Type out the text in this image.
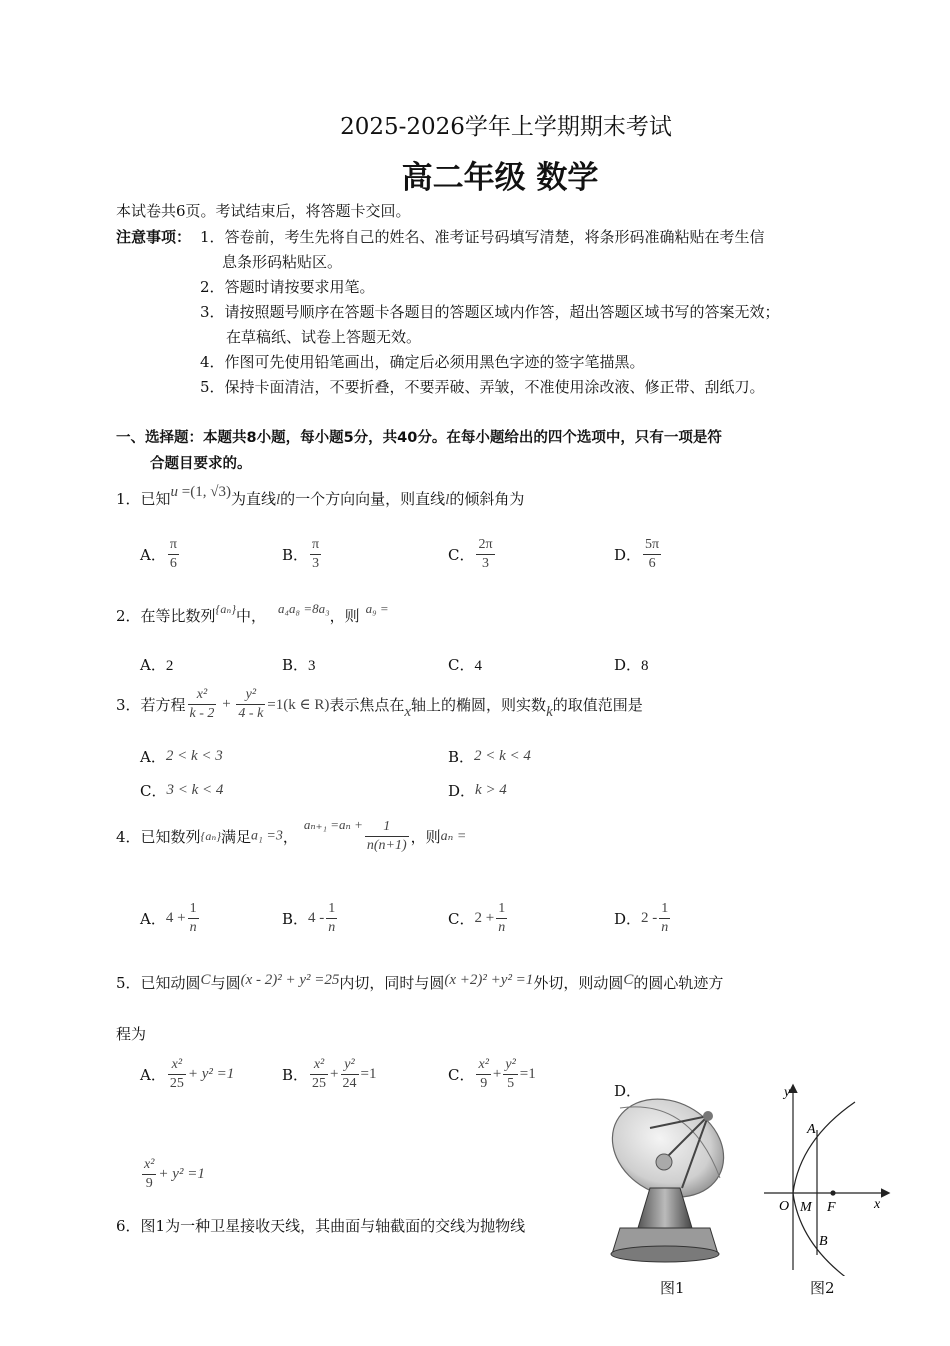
2025-2026学年上学期期末考试
高二年级 数学
本试卷共6页。考试结束后，将答题卡交回。
注意事项： 1．答卷前，考生先将自己的姓名、准考证号码填写清楚，将条形码准确粘贴在考生信
息条形码粘贴区。
2．答题时请按要求用笔。
3．请按照题号顺序在答题卡各题目的答题区域内作答，超出答题区域书写的答案无效；
在草稿纸、试卷上答题无效。
4．作图可先使用铅笔画出，确定后必须用黑色字迹的签字笔描黑。
5．保持卡面清洁，不要折叠，不要弄破、弄皱，不准使用涂改液、修正带、刮纸刀。
一、选择题：本题共8小题，每小题5分，共40分。在每小题给出的四个选项中，只有一项是符
合题目要求的。
1．已知u =(1, √3)为直线l的一个方向向量，则直线l的倾斜角为
A． $\frac{\pi}{6}$	B． $\frac{\pi}{3}$	C． $\frac{2\pi}{3}$	D． $\frac{5\pi}{6}$
2．在等比数列$^{\{a_n\}}$中， a₄a₈ =8a₃，则 a₉ =
A．2	B．3	C．4	D．8
3．若方程 $\frac{\text{x²}}{k - 2} + \frac{\text{y²}}{4 - k} =1(k$ ∈ R)表示焦点在x轴上的椭圆，则实数k的取值范围是
A．2 < k < 3	B．2 < k < 4
C．3 < k < 4	D．k > 4
4．已知数列{aₙ}满足a₁ =3，$a_{n+1} =a_n + \frac{1}{n(n+1)}$ ，则aₙ =
A．$4 + \frac{1}{n}$	B．$4 - \frac{1}{n}$	C．$2 + \frac{1}{n}$	D．$2 - \frac{1}{n}$
5．已知动圆C与圆(x - 2)² + y² =25内切，同时与圆(x +2)² +y² =1外切，则动圆C的圆心轨迹方
程为
A． $\frac{\text{x²}}{25} + y^2 =1$	B． $\frac{\text{x²}}{25} + \frac{\text{y²}}{24} =1$	C． $\frac{\text{x²}}{9} + \frac{\text{y²}}{5} =1$
D．
$\frac{\text{x²}}{9} + y^2 =1$
6．图1为一种卫星接收天线，其曲面与轴截面的交线为抛物线
图1
y
x
O M F
A
B
图2
